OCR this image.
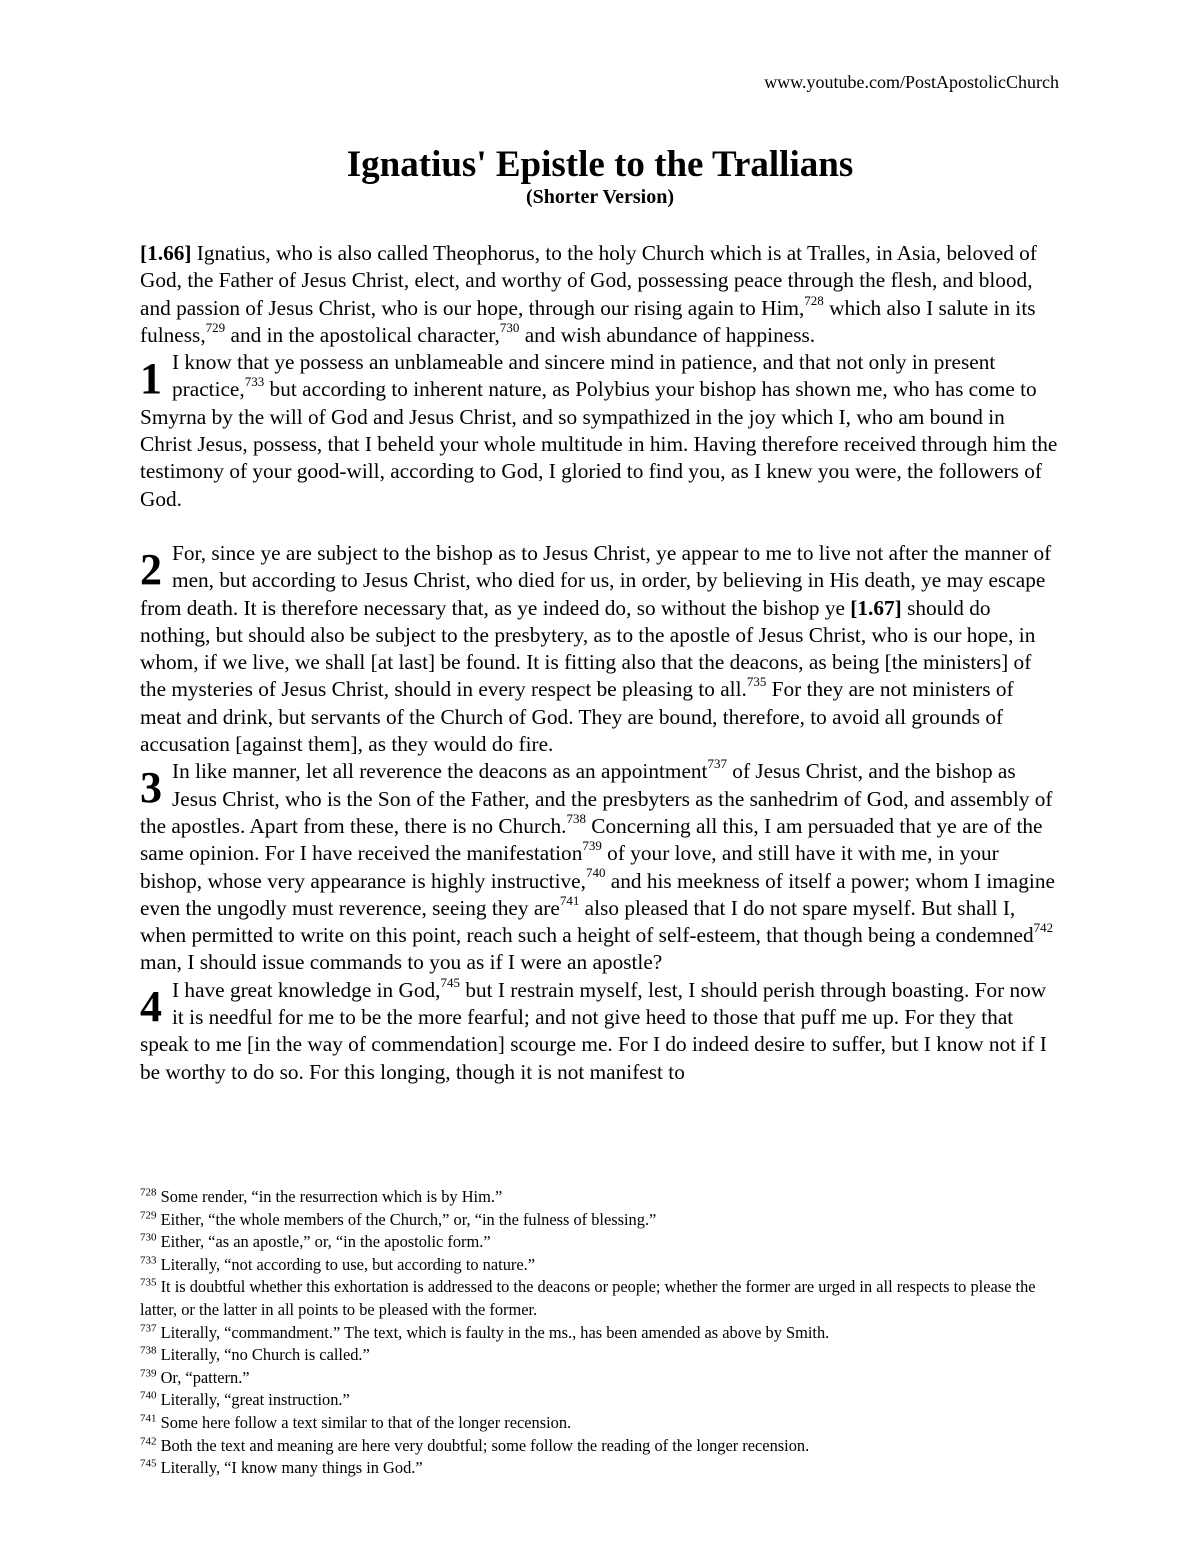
www.youtube.com/PostApostolicChurch
Ignatius' Epistle to the Trallians
(Shorter Version)

[1.66] Ignatius, who is also called Theophorus, to the holy Church which is at Tralles, in Asia, beloved of God, the Father of Jesus Christ, elect, and worthy of God, possessing peace through the flesh, and blood, and passion of Jesus Christ, who is our hope, through our rising again to Him,$^{728}$ which also I salute in its fulness,$^{729}$ and in the apostolical character,$^{730}$ and wish abundance of happiness.

1 I know that ye possess an unblameable and sincere mind in patience, and that not only in present practice,$^{733}$ but according to inherent nature, as Polybius your bishop has shown me, who has come to Smyrna by the will of God and Jesus Christ, and so sympathized in the joy which I, who am bound in Christ Jesus, possess, that I beheld your whole multitude in him. Having therefore received through him the testimony of your good-will, according to God, I gloried to find you, as I knew you were, the followers of God.

2 For, since ye are subject to the bishop as to Jesus Christ, ye appear to me to live not after the manner of men, but according to Jesus Christ, who died for us, in order, by believing in His death, ye may escape from death. It is therefore necessary that, as ye indeed do, so without the bishop ye [1.67] should do nothing, but should also be subject to the presbytery, as to the apostle of Jesus Christ, who is our hope, in whom, if we live, we shall [at last] be found. It is fitting also that the deacons, as being [the ministers] of the mysteries of Jesus Christ, should in every respect be pleasing to all.$^{735}$ For they are not ministers of meat and drink, but servants of the Church of God. They are bound, therefore, to avoid all grounds of accusation [against them], as they would do fire.

3 In like manner, let all reverence the deacons as an appointment$^{737}$ of Jesus Christ, and the bishop as Jesus Christ, who is the Son of the Father, and the presbyters as the sanhedrim of God, and assembly of the apostles. Apart from these, there is no Church.$^{738}$ Concerning all this, I am persuaded that ye are of the same opinion. For I have received the manifestation$^{739}$ of your love, and still have it with me, in your bishop, whose very appearance is highly instructive,$^{740}$ and his meekness of itself a power; whom I imagine even the ungodly must reverence, seeing they are$^{741}$ also pleased that I do not spare myself. But shall I, when permitted to write on this point, reach such a height of self-esteem, that though being a condemned$^{742}$ man, I should issue commands to you as if I were an apostle?

4 I have great knowledge in God,$^{745}$ but I restrain myself, lest, I should perish through boasting. For now it is needful for me to be the more fearful; and not give heed to those that puff me up. For they that speak to me [in the way of commendation] scourge me. For I do indeed desire to suffer, but I know not if I be worthy to do so. For this longing, though it is not manifest to

$^{728}$ Some render, “in the resurrection which is by Him.”

$^{729}$ Either, “the whole members of the Church,” or, “in the fulness of blessing.”

$^{730}$ Either, “as an apostle,” or, “in the apostolic form.”

$^{733}$ Literally, “not according to use, but according to nature.”

$^{735}$ It is doubtful whether this exhortation is addressed to the deacons or people; whether the former are urged in all respects to please the latter, or the latter in all points to be pleased with the former.

$^{737}$ Literally, “commandment.” The text, which is faulty in the ms., has been amended as above by Smith.

$^{738}$ Literally, “no Church is called.”

$^{739}$ Or, “pattern.”

$^{740}$ Literally, “great instruction.”

$^{741}$ Some here follow a text similar to that of the longer recension.

$^{742}$ Both the text and meaning are here very doubtful; some follow the reading of the longer recension.

$^{745}$ Literally, “I know many things in God.”
